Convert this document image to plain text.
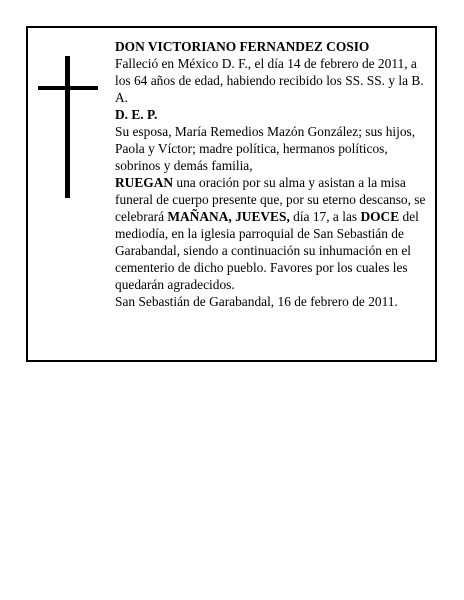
DON VICTORIANO FERNANDEZ COSIO

Falleció en México D. F., el día 14 de febrero de 2011, a los 64 años de edad, habiendo recibido los SS. SS. y la B. A.

D. E. P.

Su esposa, María Remedios Mazón González; sus hijos, Paola y Víctor; madre política, hermanos políticos, sobrinos y demás familia,

RUEGAN una oración por su alma y asistan a la misa funeral de cuerpo presente que, por su eterno descanso, se celebrará MAÑANA, JUEVES, día 17, a las DOCE del mediodía, en la iglesia parroquial de San Sebastián de Garabandal, siendo a continuación su inhumación en el cementerio de dicho pueblo. Favores por los cuales les quedarán agradecidos.

San Sebastián de Garabandal, 16 de febrero de 2011.
